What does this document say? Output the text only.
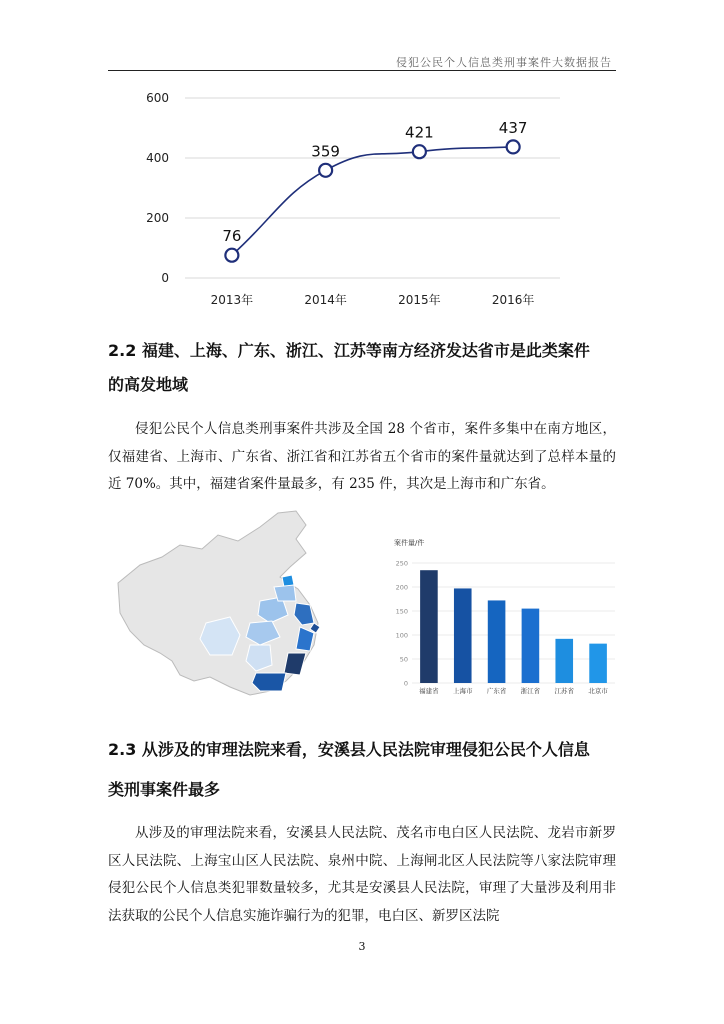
侵犯公民个人信息类刑事案件大数据报告
0
200
400
600
2013年	2014年	2015年	2016年
76
359
421	437
2.2 福建、上海、广东、浙江、江苏等南方经济发达省市是此类案件
的高发地域
侵犯公民个人信息类刑事案件共涉及全国 28 个省市，案件多集中在南方地区，仅福建省、上海市、广东省、浙江省和江苏省五个省市的案件量就达到了总样本量的近 70%。其中，福建省案件量最多，有 235 件，其次是上海市和广东省。
案件量/件
0
50
100
150
200
250
福建省 上海市 广东省 浙江省 江苏省 北京市
2.3 从涉及的审理法院来看，安溪县人民法院审理侵犯公民个人信息
类刑事案件最多
从涉及的审理法院来看，安溪县人民法院、茂名市电白区人民法院、龙岩市新罗区人民法院、上海宝山区人民法院、泉州中院、上海闸北区人民法院等八家法院审理侵犯公民个人信息类犯罪数量较多，尤其是安溪县人民法院，审理了大量涉及利用非法获取的公民个人信息实施诈骗行为的犯罪，电白区、新罗区法院
3
